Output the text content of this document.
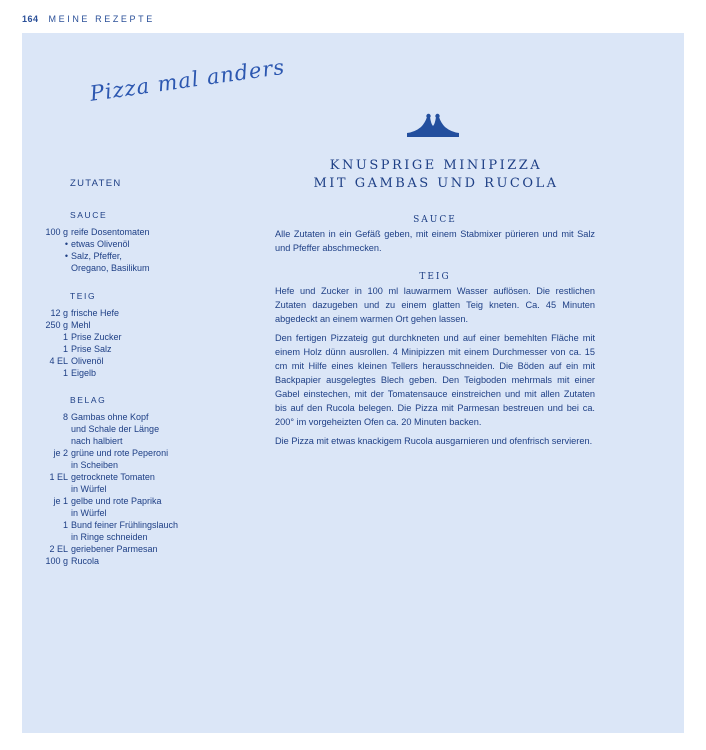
164 MEINE REZEPTE
Pizza mal anders
KNUSPRIGE MINIPIZZA
MIT GAMBAS UND RUCOLA
ZUTATEN
SAUCE
100 g reife Dosentomaten
• etwas Olivenöl
• Salz, Pfeffer,
Oregano, Basilikum
TEIG
12 g frische Hefe
250 g Mehl
1 Prise Zucker
1 Prise Salz
4 EL Olivenöl
1 Eigelb
BELAG
8 Gambas ohne Kopf
und Schale der Länge
nach halbiert
je 2 grüne und rote Peperoni
in Scheiben
1 EL getrocknete Tomaten
in Würfel
je 1 gelbe und rote Paprika
in Würfel
1 Bund feiner Frühlingslauch
in Ringe schneiden
2 EL geriebener Parmesan
100 g Rucola
SAUCE

Alle Zutaten in ein Gefäß geben, mit einem Stabmixer pürieren und mit Salz und Pfeffer abschmecken.

TEIG

Hefe und Zucker in 100 ml lauwarmem Wasser auflösen. Die restlichen Zutaten dazugeben und zu einem glatten Teig kneten. Ca. 45 Minuten abgedeckt an einem warmen Ort gehen lassen.

Den fertigen Pizzateig gut durchkneten und auf einer bemehlten Fläche mit einem Holz dünn ausrollen. 4 Minipizzen mit einem Durchmesser von ca. 15 cm mit Hilfe eines kleinen Tellers herausschneiden. Die Böden auf ein mit Backpapier ausgelegtes Blech geben. Den Teigboden mehrmals mit einer Gabel einstechen, mit der Tomatensauce einstreichen und mit allen Zutaten bis auf den Rucola belegen. Die Pizza mit Parmesan bestreuen und bei ca. 200° im vorgeheizten Ofen ca. 20 Minuten backen.

Die Pizza mit etwas knackigem Rucola ausgarnieren und ofenfrisch servieren.
